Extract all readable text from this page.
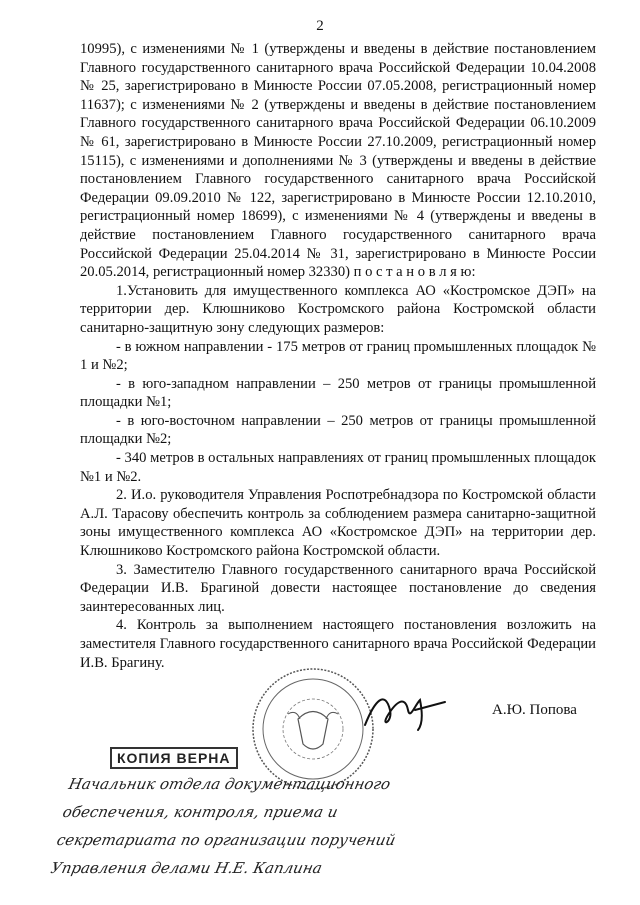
2

10995), с изменениями № 1 (утверждены и введены в действие постановлением Главного государственного санитарного врача Российской Федерации 10.04.2008 № 25, зарегистрировано в Минюсте России 07.05.2008, регистрационный номер 11637); с изменениями № 2 (утверждены и введены в действие постановлением Главного государственного санитарного врача Российской Федерации 06.10.2009 № 61, зарегистрировано в Минюсте России 27.10.2009, регистрационный номер 15115), с изменениями и дополнениями № 3 (утверждены и введены в действие постановлением Главного государственного санитарного врача Российской Федерации 09.09.2010 № 122, зарегистрировано в Минюсте России 12.10.2010, регистрационный номер 18699), с изменениями № 4 (утверждены и введены в действие постановлением Главного государственного санитарного врача Российской Федерации 25.04.2014 № 31, зарегистрировано в Минюсте России 20.05.2014, регистрационный номер 32330) п о с т а н о в л я ю:

1.Установить для имущественного комплекса АО «Костромское ДЭП» на территории дер. Клюшниково Костромского района Костромской области санитарно-защитную зону следующих размеров:

- в южном направлении - 175 метров от границ промышленных площадок № 1 и №2;

- в юго-западном направлении – 250 метров от границы промышленной площадки №1;

- в юго-восточном направлении – 250 метров от границы промышленной площадки №2;

- 340 метров в остальных направлениях от границ промышленных площадок №1 и №2.

2. И.о. руководителя Управления Роспотребнадзора по Костромской области А.Л. Тарасову обеспечить контроль за соблюдением размера санитарно-защитной зоны имущественного комплекса АО «Костромское ДЭП» на территории дер. Клюшниково Костромского района Костромской области.

3. Заместителю Главного государственного санитарного врача Российской Федерации И.В. Брагиной довести настоящее постановление до сведения заинтересованных лиц.

4. Контроль за выполнением настоящего постановления возложить на заместителя Главного государственного санитарного врача Российской Федерации И.В. Брагину.

А.Ю. Попова
КОПИЯ ВЕРНА
Начальник отдела документационного
обеспечения, контроля, приема и
секретариата по организации поручений
Управления делами Н.Е. Каплина
